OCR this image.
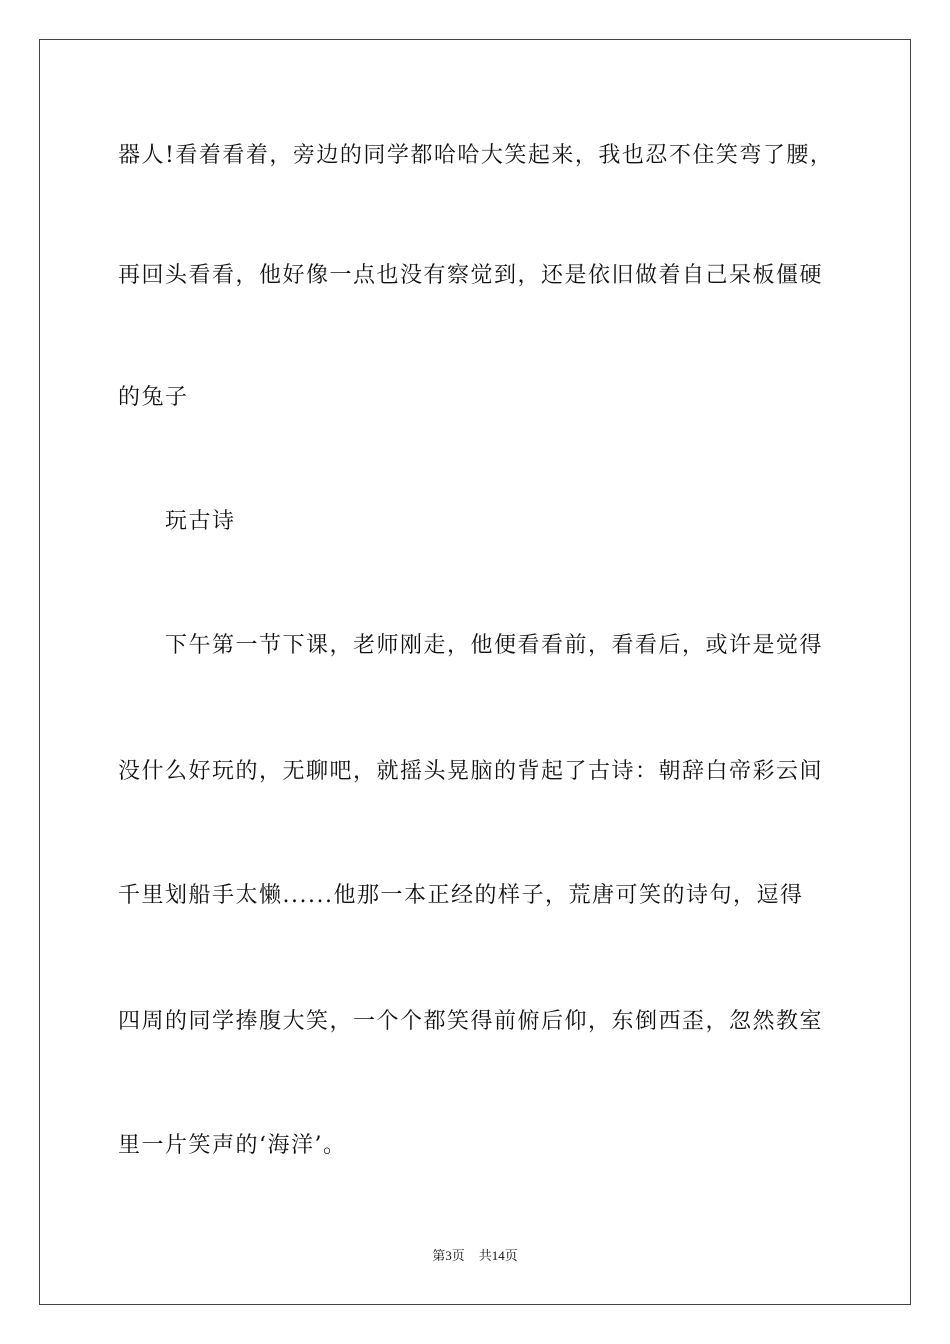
器人!看着看着，旁边的同学都哈哈大笑起来，我也忍不住笑弯了腰，
再回头看看，他好像一点也没有察觉到，还是依旧做着自己呆板僵硬
的兔子
玩古诗
下午第一节下课，老师刚走，他便看看前，看看后，或许是觉得
没什么好玩的，无聊吧，就摇头晃脑的背起了古诗：朝辞白帝彩云间
千里划船手太懒......他那一本正经的样子，荒唐可笑的诗句，逗得
四周的同学捧腹大笑，一个个都笑得前俯后仰，东倒西歪，忽然教室
里一片笑声的‘海洋’。
第3页 共14页
